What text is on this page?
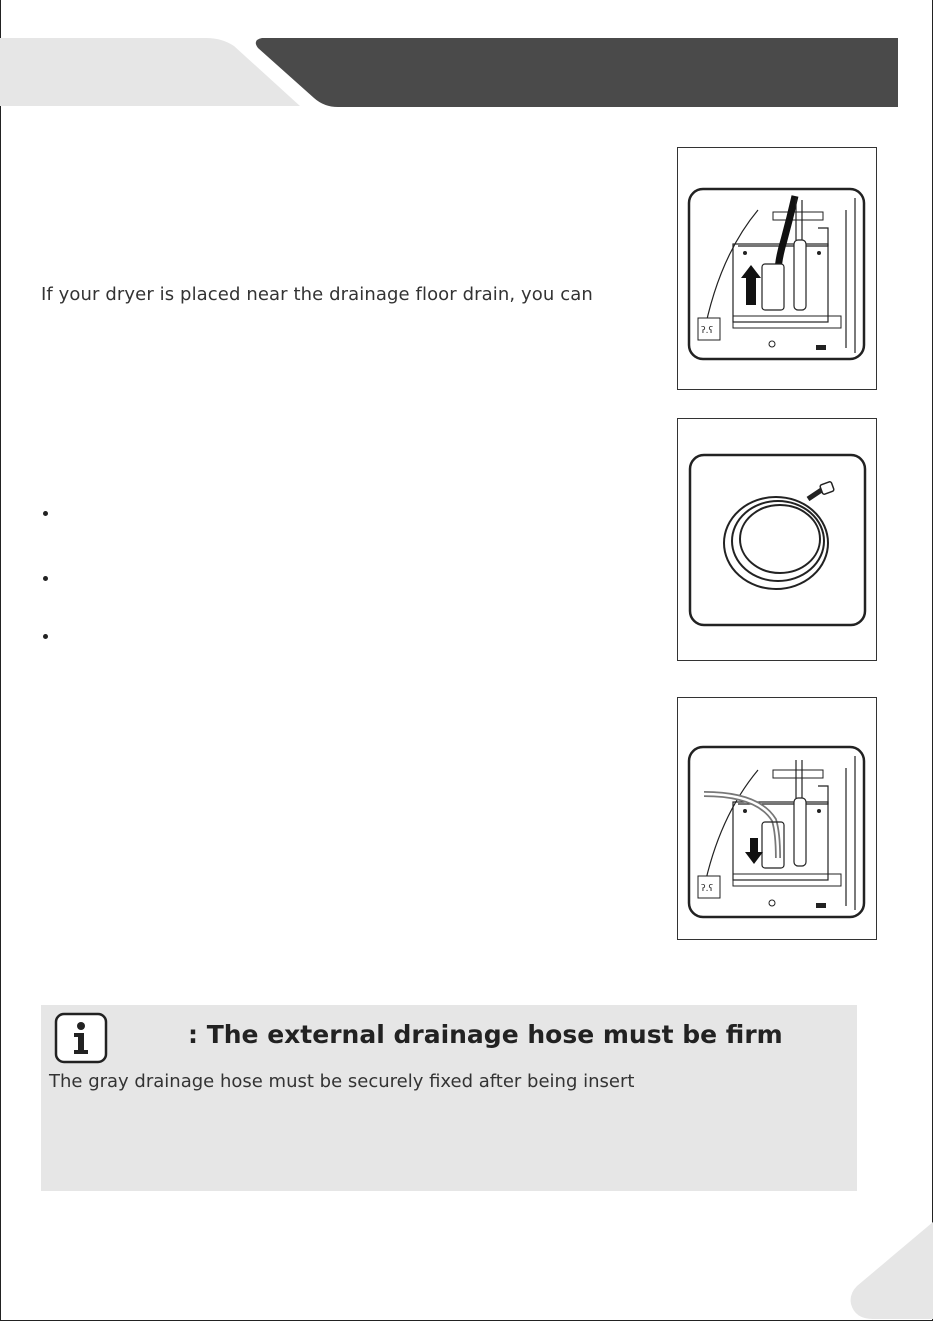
If your dryer is placed near the drainage floor drain, you can
ʔ.ʕ
ʔ.ʕ
: The external drainage hose must be firm
The gray drainage hose must be securely fixed after being insert
